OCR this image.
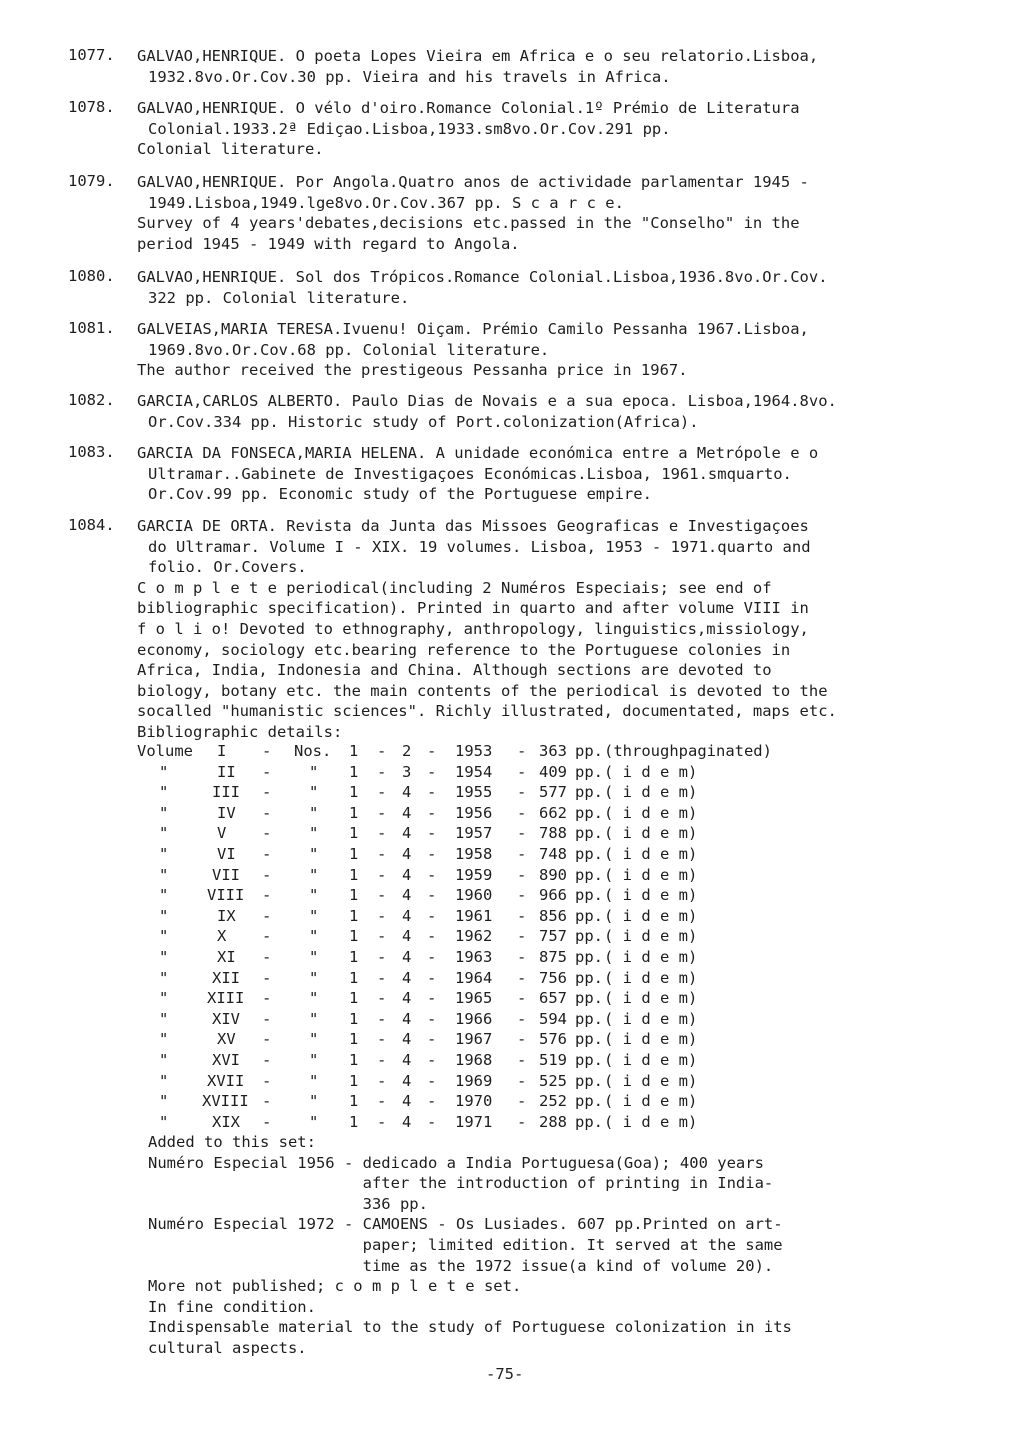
1077. GALVAO,HENRIQUE. O poeta Lopes Vieira em Africa e o seu relatorio.Lisboa,
1932.8vo.Or.Cov.30 pp. Vieira and his travels in Africa.
1078. GALVAO,HENRIQUE. O vélo d'oiro.Romance Colonial.1º Prémio de Literatura
Colonial.1933.2ª Ediçao.Lisboa,1933.sm8vo.Or.Cov.291 pp.
Colonial literature.
1079. GALVAO,HENRIQUE. Por Angola.Quatro anos de actividade parlamentar 1945 -
1949.Lisboa,1949.lge8vo.Or.Cov.367 pp. S c a r c e.
Survey of 4 years'debates,decisions etc.passed in the "Conselho" in the
period 1945 - 1949 with regard to Angola.
1080. GALVAO,HENRIQUE. Sol dos Trópicos.Romance Colonial.Lisboa,1936.8vo.Or.Cov.
322 pp. Colonial literature.
1081. GALVEIAS,MARIA TERESA.Ivuenu! Oiçam. Prémio Camilo Pessanha 1967.Lisboa,
1969.8vo.Or.Cov.68 pp. Colonial literature.
The author received the prestigeous Pessanha price in 1967.
1082. GARCIA,CARLOS ALBERTO. Paulo Dias de Novais e a sua epoca. Lisboa,1964.8vo.
Or.Cov.334 pp. Historic study of Port.colonization(Africa).
1083. GARCIA DA FONSECA,MARIA HELENA. A unidade económica entre a Metrópole e o
Ultramar..Gabinete de Investigaçoes Económicas.Lisboa, 1961.smquarto.
Or.Cov.99 pp. Economic study of the Portuguese empire.
1084. GARCIA DE ORTA. Revista da Junta das Missoes Geograficas e Investigaçoes
do Ultramar. Volume I - XIX. 19 volumes. Lisboa, 1953 - 1971.quarto and
folio. Or.Covers.
C o m p l e t e periodical(including 2 Numéros Especiais; see end of
bibliographic specification). Printed in quarto and after volume VIII in
f o l i o! Devoted to ethnography, anthropology, linguistics,missiology,
economy, sociology etc.bearing reference to the Portuguese colonies in
Africa, India, Indonesia and China. Although sections are devoted to
biology, botany etc. the main contents of the periodical is devoted to the
socalled "humanistic sciences". Richly illustrated, documentated, maps etc.
Bibliographic details:
Volume I - Nos. 1 - 2 - 1953 - 363 pp. (throughpaginated)
"	II - " 1 - 3 - 1954 - 409 pp. ( i d e m)
"	III - " 1 - 4 - 1955 - 577 pp. ( i d e m)
"	IV - " 1 - 4 - 1956 - 662 pp. ( i d e m)
"	V - " 1 - 4 - 1957 - 788 pp. ( i d e m)
"	VI - " 1 - 4 - 1958 - 748 pp. ( i d e m)
"	VII - " 1 - 4 - 1959 - 890 pp. ( i d e m)
" VIII - " 1 - 4 - 1960 - 966 pp. ( i d e m)
"	IX - " 1 - 4 - 1961 - 856 pp. ( i d e m)
"	X - " 1 - 4 - 1962 - 757 pp. ( i d e m)
"	XI - " 1 - 4 - 1963 - 875 pp. ( i d e m)
"	XII - " 1 - 4 - 1964 - 756 pp. ( i d e m)
" XIII - " 1 - 4 - 1965 - 657 pp. ( i d e m)
"	XIV - " 1 - 4 - 1966 - 594 pp. ( i d e m)
"	XV - " 1 - 4 - 1967 - 576 pp. ( i d e m)
"	XVI - " 1 - 4 - 1968 - 519 pp. ( i d e m)
" XVII - " 1 - 4 - 1969 - 525 pp. ( i d e m)
" XVIII - " 1 - 4 - 1970 - 252 pp. ( i d e m)
"	XIX - " 1 - 4 - 1971 - 288 pp. ( i d e m)
Added to this set:
Numéro Especial 1956 - dedicado a India Portuguesa(Goa); 400 years
after the introduction of printing in India-
336 pp.
Numéro Especial 1972 - CAMOENS - Os Lusiades. 607 pp.Printed on art-
paper; limited edition. It served at the same
time as the 1972 issue(a kind of volume 20).
More not published; c o m p l e t e set.
In fine condition.
Indispensable material to the study of Portuguese colonization in its
cultural aspects.
-75-
